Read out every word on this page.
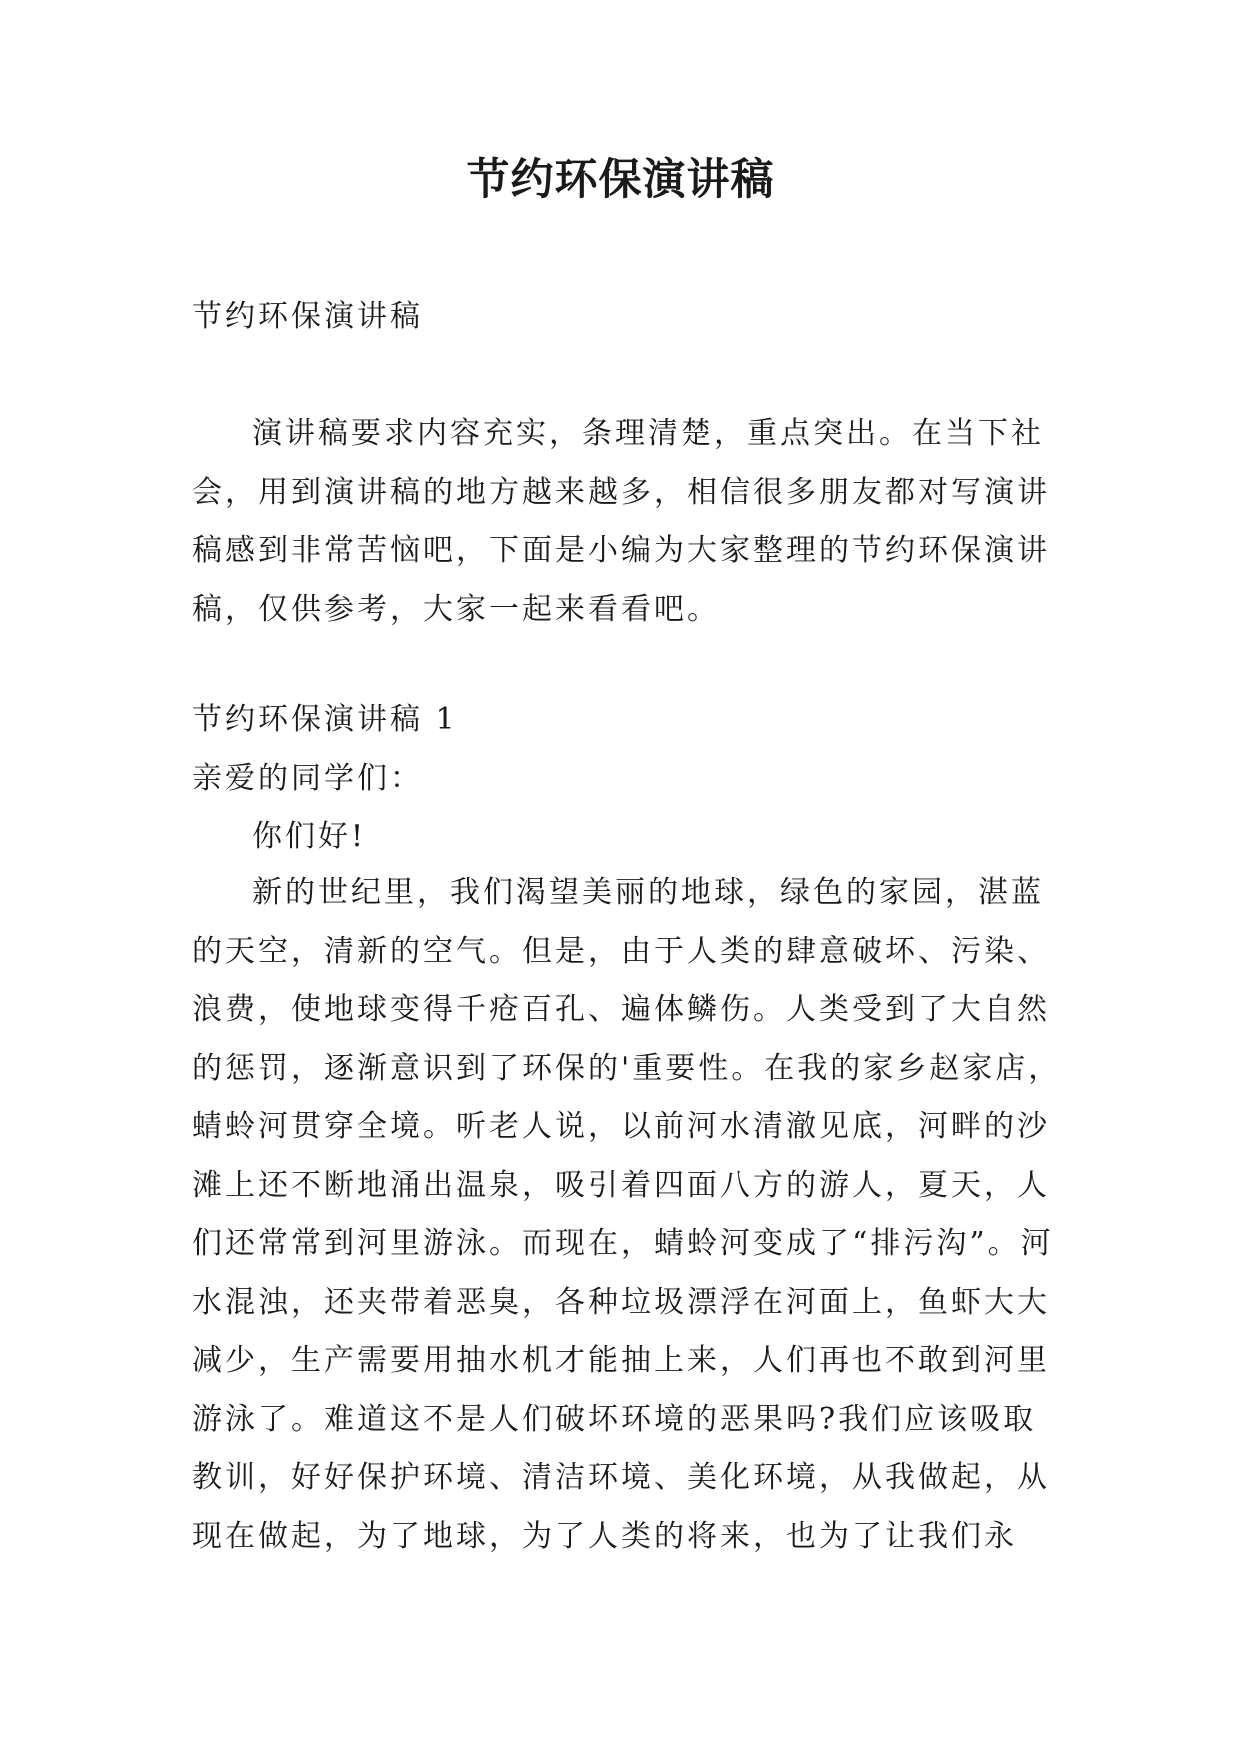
节约环保演讲稿

节约环保演讲稿

演讲稿要求内容充实，条理清楚，重点突出。在当下社会，用到演讲稿的地方越来越多，相信很多朋友都对写演讲稿感到非常苦恼吧，下面是小编为大家整理的节约环保演讲稿，仅供参考，大家一起来看看吧。

节约环保演讲稿 1

亲爱的同学们：

你们好!

新的世纪里，我们渴望美丽的地球，绿色的家园，湛蓝的天空，清新的空气。但是，由于人类的肆意破坏、污染、浪费，使地球变得千疮百孔、遍体鳞伤。人类受到了大自然的惩罚，逐渐意识到了环保的'重要性。在我的家乡赵家店，蜻蛉河贯穿全境。听老人说，以前河水清澈见底，河畔的沙滩上还不断地涌出温泉，吸引着四面八方的游人，夏天，人们还常常到河里游泳。而现在，蜻蛉河变成了“排污沟”。河水混浊，还夹带着恶臭，各种垃圾漂浮在河面上，鱼虾大大减少，生产需要用抽水机才能抽上来，人们再也不敢到河里游泳了。难道这不是人们破坏环境的恶果吗?我们应该吸取教训，好好保护环境、清洁环境、美化环境，从我做起，从现在做起，为了地球，为了人类的将来，也为了让我们永
